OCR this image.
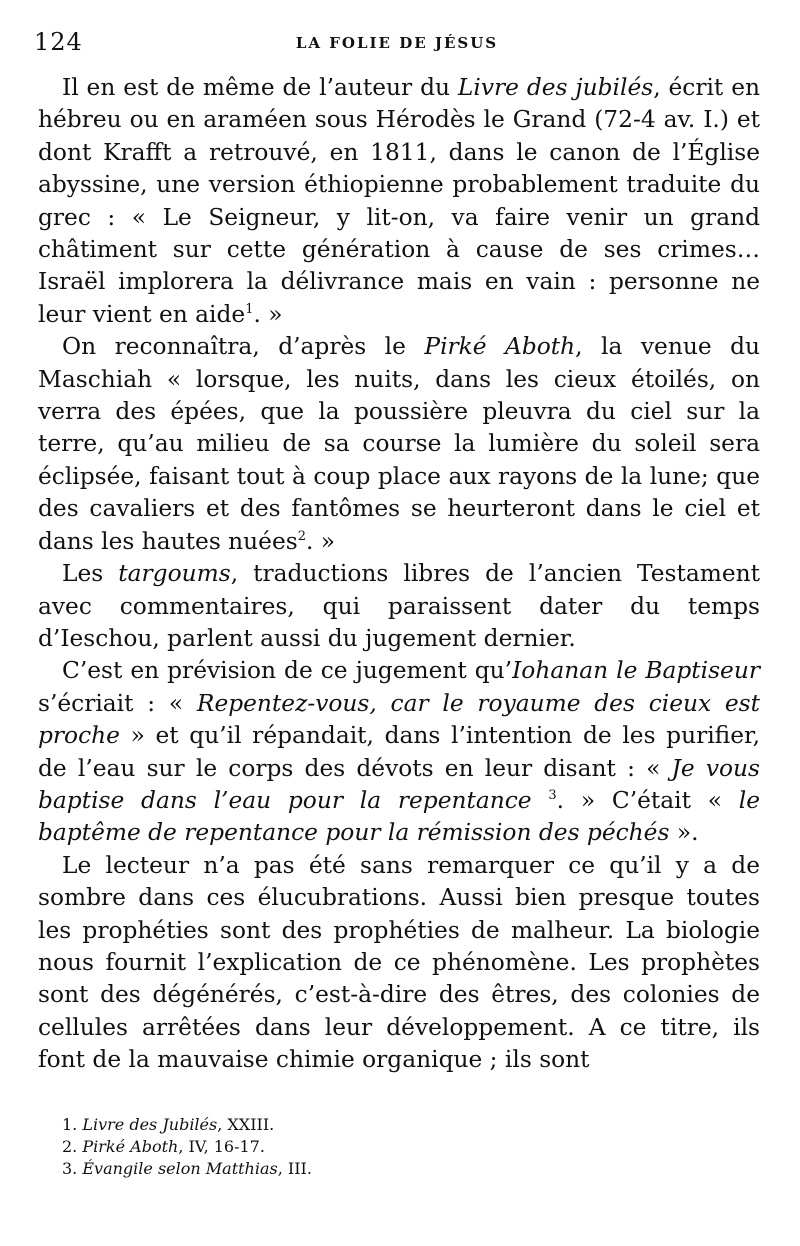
124	LA FOLIE DE JÉSUS

Il en est de même de l’auteur du Livre des jubilés, écrit en hébreu ou en araméen sous Hérodès le Grand (72-4 av. I.) et dont Krafft a retrouvé, en 1811, dans le canon de l’Église abyssine, une version éthiopienne probablement traduite du grec : « Le Seigneur, y lit-on, va faire venir un grand châtiment sur cette génération à cause de ses crimes… Israël implorera la délivrance mais en vain : personne ne leur vient en aide$^1$. »

On reconnaîtra, d’après le Pirké Aboth, la venue du Maschiah « lorsque, les nuits, dans les cieux étoilés, on verra des épées, que la poussière pleuvra du ciel sur la terre, qu’au milieu de sa course la lumière du soleil sera éclipsée, faisant tout à coup place aux rayons de la lune; que des cavaliers et des fantômes se heurteront dans le ciel et dans les hautes nuées$^2$. »

Les targoums, traductions libres de l’ancien Testament avec commentaires, qui paraissent dater du temps d’Ieschou, parlent aussi du jugement dernier.

C’est en prévision de ce jugement qu’Iohanan le Baptiseur s’écriait : « Repentez-vous, car le royaume des cieux est proche » et qu’il répandait, dans l’intention de les purifier, de l’eau sur le corps des dévots en leur disant : « Je vous baptise dans l’eau pour la repentance $^3$. » C’était « le baptême de repentance pour la rémission des péchés ».

Le lecteur n’a pas été sans remarquer ce qu’il y a de sombre dans ces élucubrations. Aussi bien presque toutes les prophéties sont des prophéties de malheur. La biologie nous fournit l’explication de ce phénomène. Les prophètes sont des dégénérés, c’est-à-dire des êtres, des colonies de cellules arrêtées dans leur développement. A ce titre, ils font de la mauvaise chimie organique ; ils sont

1. Livre des Jubilés, XXIII.
2. Pirké Aboth, IV, 16-17.
3. Évangile selon Matthias, III.
